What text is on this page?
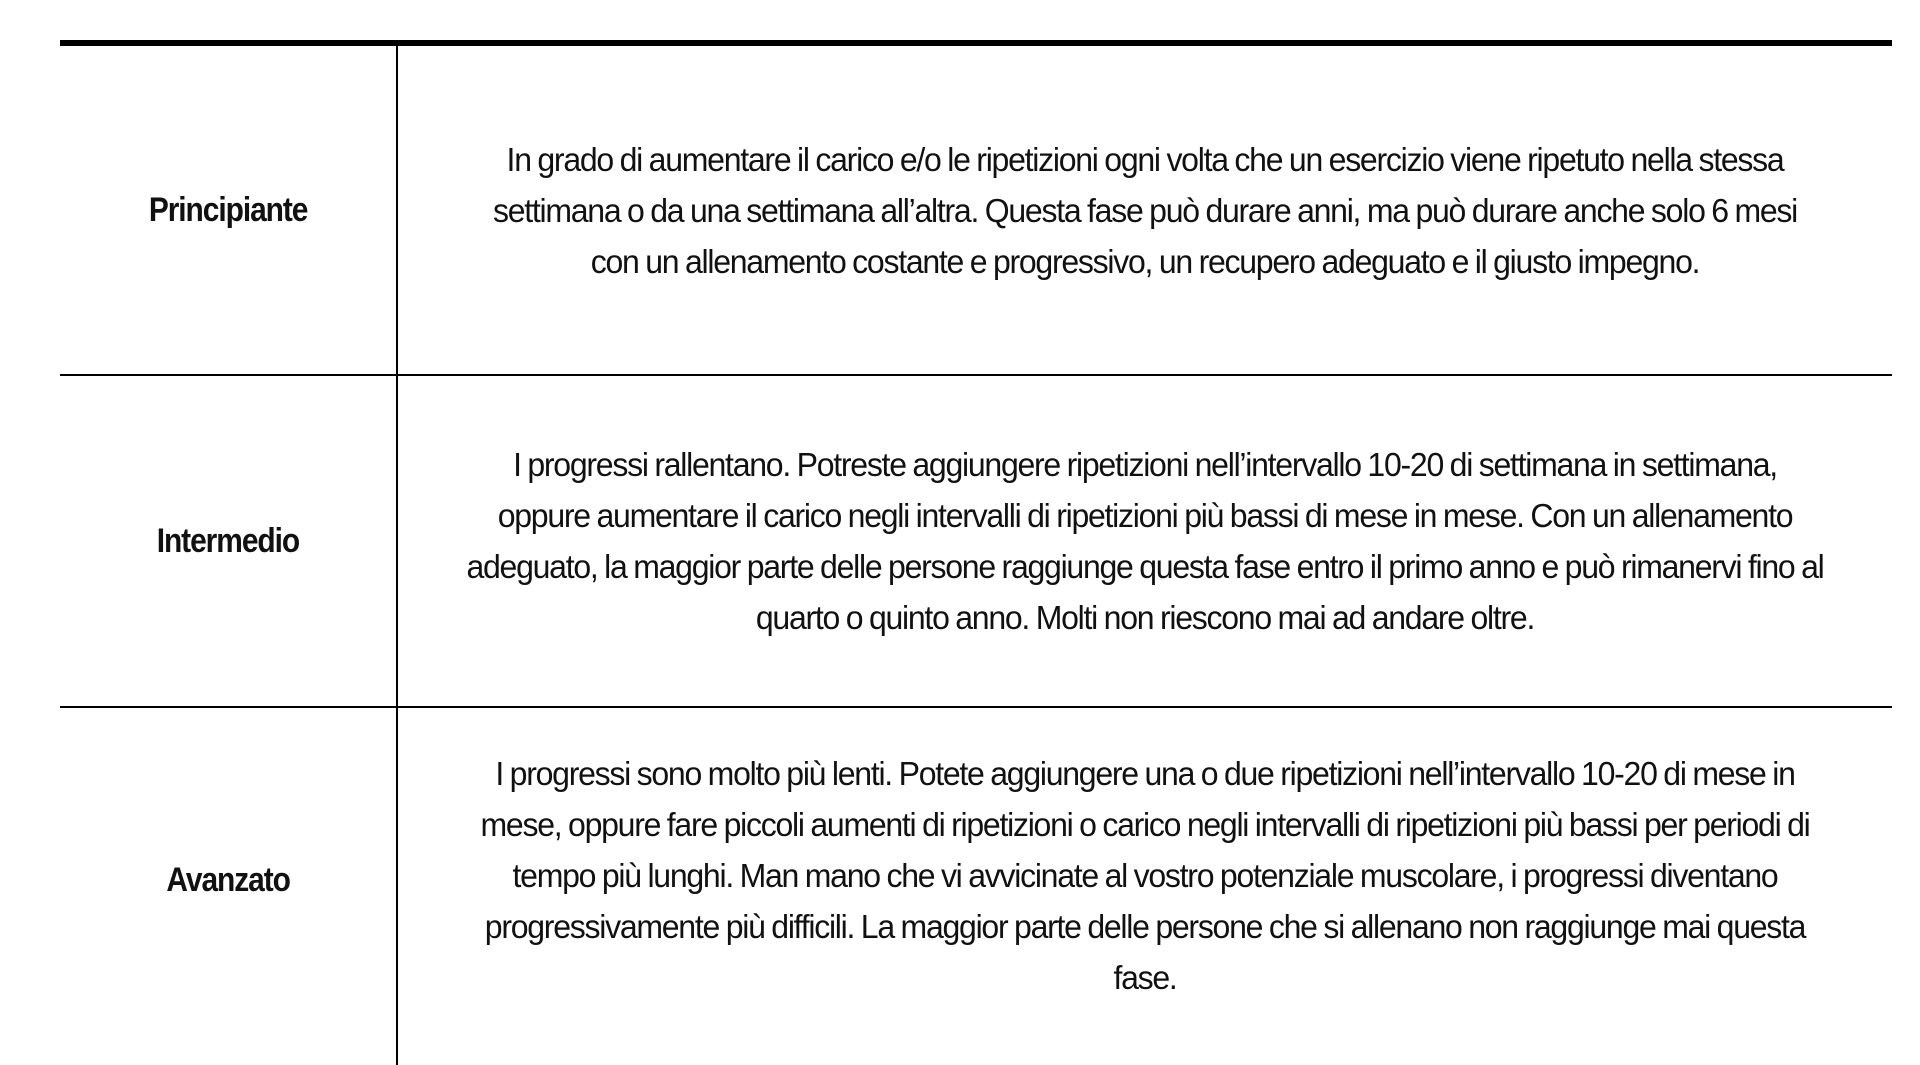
Principiante

In grado di aumentare il carico e/o le ripetizioni ogni volta che un esercizio viene ripetuto nella stessa settimana o da una settimana all’altra. Questa fase può durare anni, ma può durare anche solo 6 mesi con un allenamento costante e progressivo, un recupero adeguato e il giusto impegno.

Intermedio

I progressi rallentano. Potreste aggiungere ripetizioni nell’intervallo 10-20 di settimana in settimana, oppure aumentare il carico negli intervalli di ripetizioni più bassi di mese in mese. Con un allenamento adeguato, la maggior parte delle persone raggiunge questa fase entro il primo anno e può rimanervi fino al quarto o quinto anno. Molti non riescono mai ad andare oltre.

Avanzato

I progressi sono molto più lenti. Potete aggiungere una o due ripetizioni nell’intervallo 10-20 di mese in mese, oppure fare piccoli aumenti di ripetizioni o carico negli intervalli di ripetizioni più bassi per periodi di tempo più lunghi. Man mano che vi avvicinate al vostro potenziale muscolare, i progressi diventano progressivamente più difficili. La maggior parte delle persone che si allenano non raggiunge mai questa fase.
